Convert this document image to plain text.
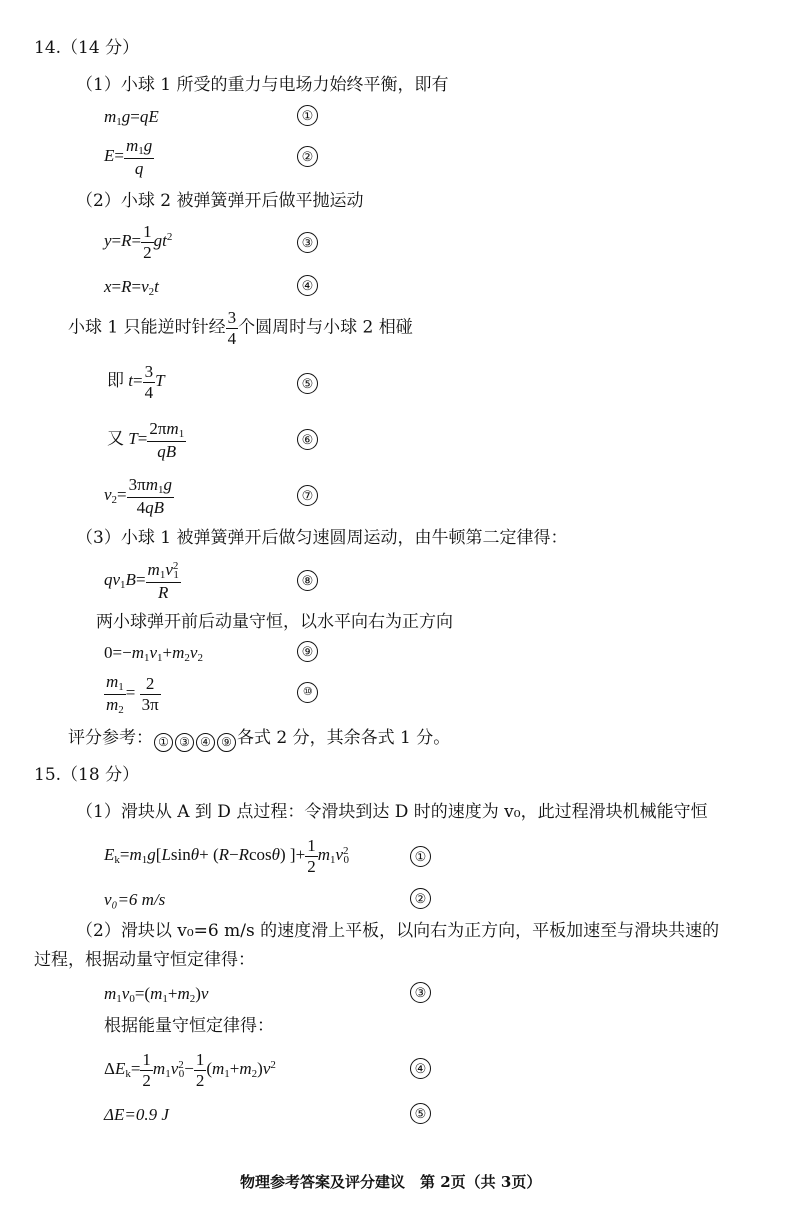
14.（14 分）
（1）小球 1 所受的重力与电场力始终平衡，即有
$m_1g=qE$	①
$E= \frac{m_1g}{q}$	②
（2）小球 2 被弹簧弹开后做平抛运动
$y=R= \frac{1}{2} gt^2$	③
$x=R=v_2t$	④
小球 1 只能逆时针经 $\frac{3}{4}$ 个圆周时与小球 2 相碰
即 $t= \frac{3}{4}$ T	⑤
又 $T= \frac{2\pi m_1}{qB}$	⑥
$v_2= \frac{3\pi m_1g}{4qB}$	⑦
（3）小球 1 被弹簧弹开后做匀速圆周运动，由牛顿第二定律得：
$qv_1B= \frac{m_1v^2_1}{R}$	⑧
两小球弹开前后动量守恒，以水平向右为正方向
$0=-m_1v_1+m_2v_2$	⑨
$\frac{m_1}{m_2} = \frac{2}{3\pi}$	⑩
评分参考： ① ③ ④ ⑨ 各式 2 分，其余各式 1 分。
15.（18 分）
（1）滑块从 A 到 D 点过程：令滑块到达 D 时的速度为 v₀，此过程滑块机械能守恒
$E_k=m_1g[Lsin\theta+ (R-Rcos\theta)$ ]+ $\frac{1}{2} m_1v^2_0$	①
v₀=6 m/s	②
（2）滑块以 v₀=6 m/s 的速度滑上平板，以向右为正方向，平板加速至与滑块共速的
过程，根据动量守恒定律得：
$m_1v_0=(m_1+m_2)v$	③
根据能量守恒定律得：
$\Delta E_k= \frac{1}{2} m_1v^2_0- \frac{1}{2} (m_1+m_2)v^2$	④
ΔE=0.9 J	⑤
物理参考答案及评分建议　第 2页（共 3页）
